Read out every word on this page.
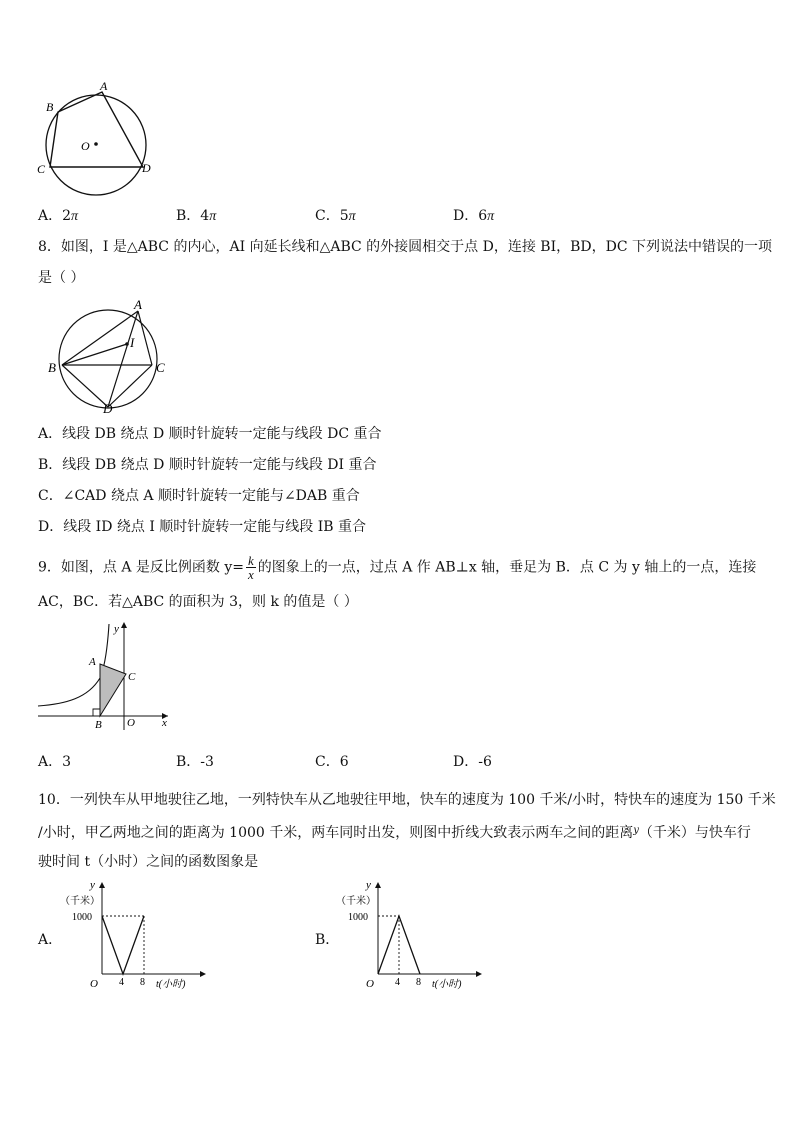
A
B
C	D
O
A．2π	B．4π	C．5π	D．6π
8．如图，I 是△ABC 的内心，AI 向延长线和△ABC 的外接圆相交于点 D，连接 BI，BD，DC 下列说法中错误的一项
是（ ）
A
I
B	C
D
A．线段 DB 绕点 D 顺时针旋转一定能与线段 DC 重合
B．线段 DB 绕点 D 顺时针旋转一定能与线段 DI 重合
C．∠CAD 绕点 A 顺时针旋转一定能与∠DAB 重合
D．线段 ID 绕点 I 顺时针旋转一定能与线段 IB 重合
9．如图，点 A 是反比例函数 $y= \frac{k}{x}$ 的图象上的一点，过点 A 作 AB⊥x 轴，垂足为 B．点 C 为 y 轴上的一点，连接
AC，BC．若△ABC 的面积为 3，则 k 的值是（ ）
y
A
C
O
B	x
A．3	B．-3	C．6	D．-6
10．一列快车从甲地驶往乙地，一列特快车从乙地驶往甲地，快车的速度为 100 千米/小时，特快车的速度为 150 千米
/小时，甲乙两地之间的距离为 1000 千米，两车同时出发，则图中折线大致表示两车之间的距离$^y$（千米）与快车行
驶时间 t（小时）之间的函数图象是
A．
y
（千米）
1000
O 4 8 t(小时)
B．
y
（千米）
1000
O 4 8 t(小时)
